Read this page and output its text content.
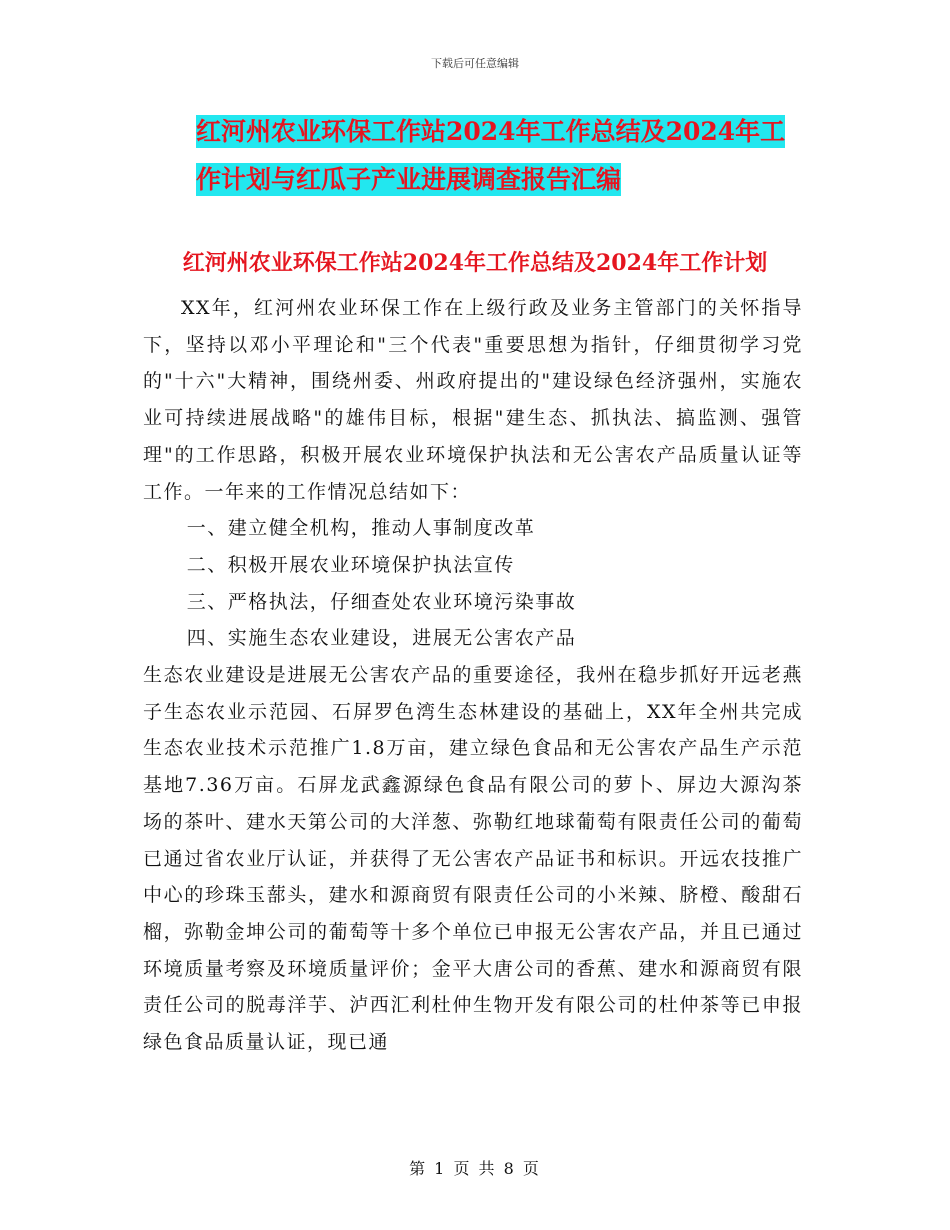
下载后可任意编辑
红河州农业环保工作站2024年工作总结及2024年工
作计划与红瓜子产业进展调查报告汇编
红河州农业环保工作站2024年工作总结及2024年工作计划

XX年，红河州农业环保工作在上级行政及业务主管部门的关怀指导下，坚持以邓小平理论和"三个代表"重要思想为指针，仔细贯彻学习党的"十六"大精神，围绕州委、州政府提出的"建设绿色经济强州，实施农业可持续进展战略"的雄伟目标，根据"建生态、抓执法、搞监测、强管理"的工作思路，积极开展农业环境保护执法和无公害农产品质量认证等工作。一年来的工作情况总结如下：

一、建立健全机构，推动人事制度改革

二、积极开展农业环境保护执法宣传

三、严格执法，仔细查处农业环境污染事故

四、实施生态农业建设，进展无公害农产品

生态农业建设是进展无公害农产品的重要途径，我州在稳步抓好开远老燕子生态农业示范园、石屏罗色湾生态林建设的基础上，XX年全州共完成生态农业技术示范推广1.8万亩，建立绿色食品和无公害农产品生产示范基地7.36万亩。石屏龙武鑫源绿色食品有限公司的萝卜、屏边大源沟茶场的茶叶、建水天第公司的大洋葱、弥勒红地球葡萄有限责任公司的葡萄已通过省农业厅认证，并获得了无公害农产品证书和标识。开远农技推广中心的珍珠玉蔀头，建水和源商贸有限责任公司的小米辣、脐橙、酸甜石榴，弥勒金坤公司的葡萄等十多个单位已申报无公害农产品，并且已通过环境质量考察及环境质量评价；金平大唐公司的香蕉、建水和源商贸有限责任公司的脱毒洋芋、泸西汇利杜仲生物开发有限公司的杜仲茶等已申报绿色食品质量认证，现已通

第 1 页 共 8 页
